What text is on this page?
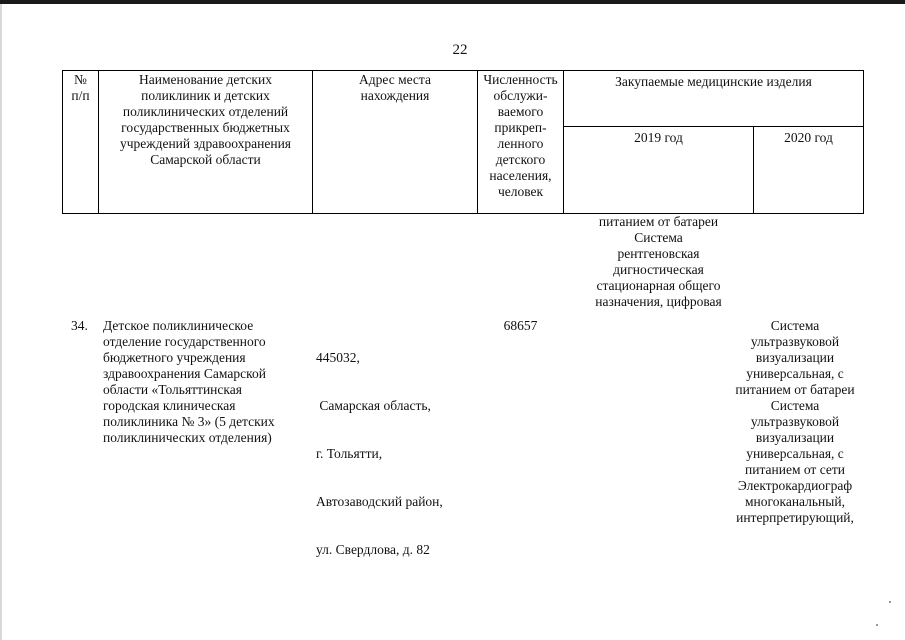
22
№
п/п
Наименование детских
поликлиник и детских
поликлинических отделений
государственных бюджетных
учреждений здравоохранения
Самарской области
Адрес места
нахождения
Численность
обслужи-
ваемого
прикреп-
ленного
детского
населения,
человек
Закупаемые медицинские изделия
2019 год	2020 год
питанием от батареи
Система
рентгеновская
дигностическая
стационарная общего
назначения, цифровая
34. Детское поликлиническое
отделение государственного
бюджетного учреждения
здравоохранения Самарской
области «Тольяттинская
городская клиническая
поликлиника № 3» (5 детских
поликлинических отделения)

445032,

Самарская область,

г. Тольятти,

Автозаводский район,

ул. Свердлова, д. 82

68657	Система
ультразвуковой
визуализации
универсальная, с
питанием от батареи
Система
ультразвуковой
визуализации
универсальная, с
питанием от сети
Электрокардиограф
многоканальный,
интерпретирующий,
